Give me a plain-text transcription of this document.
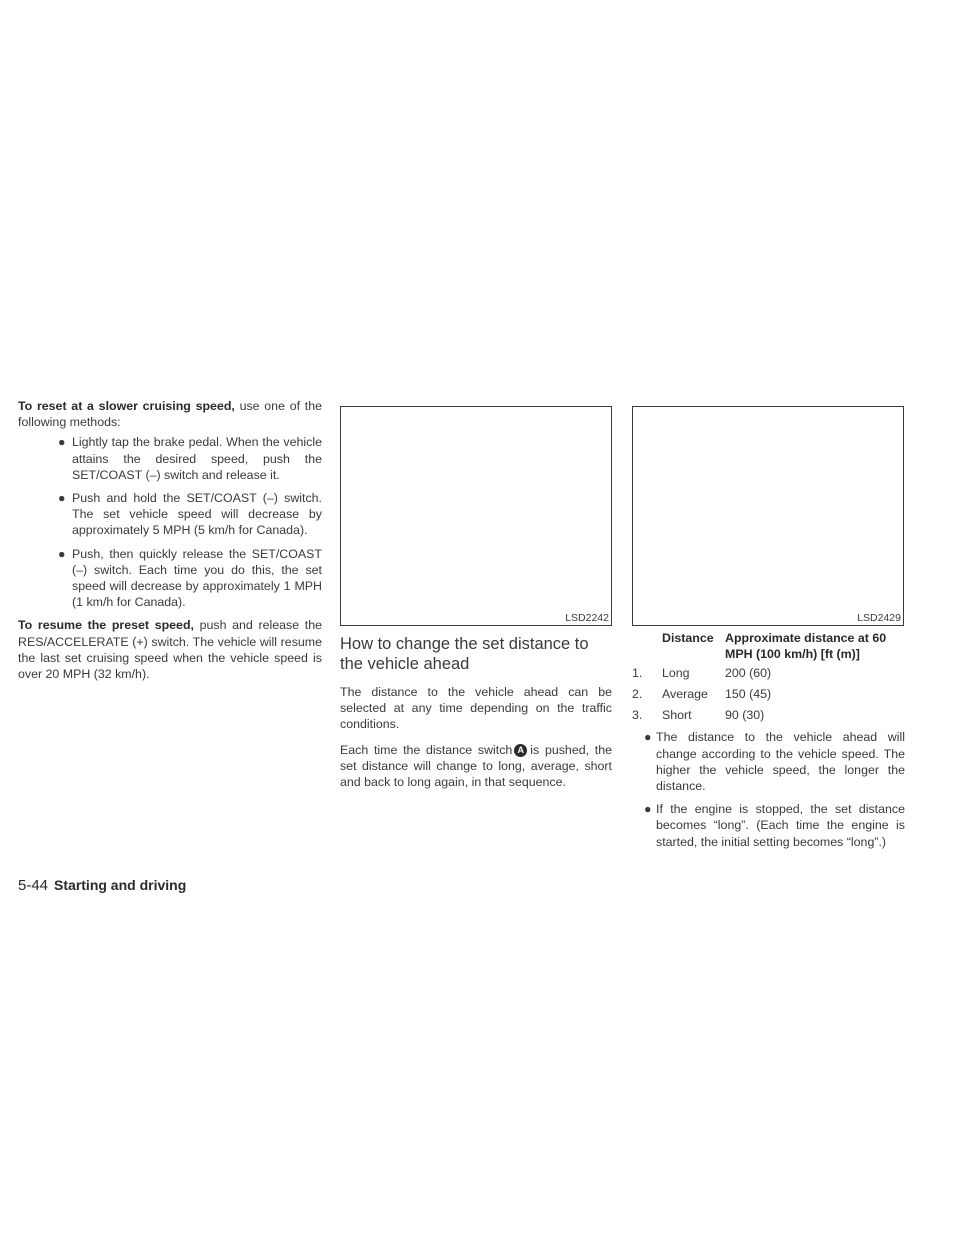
To reset at a slower cruising speed, use one of the following methods:

● Lightly tap the brake pedal. When the vehicle attains the desired speed, push the SET/COAST (–) switch and release it.
● Push and hold the SET/COAST (–) switch. The set vehicle speed will decrease by approximately 5 MPH (5 km/h for Canada).
● Push, then quickly release the SET/COAST (–) switch. Each time you do this, the set speed will decrease by approximately 1 MPH (1 km/h for Canada).

To resume the preset speed, push and release the RES/ACCELERATE (+) switch. The vehicle will resume the last set cruising speed when the vehicle speed is over 20 MPH (32 km/h).

LSD2242
How to change the set distance to the vehicle ahead

The distance to the vehicle ahead can be selected at any time depending on the traffic conditions.

Each time the distance switch A is pushed, the set distance will change to long, average, short and back to long again, in that sequence.

LSD2429
	Distance	Approximate distance at 60 MPH (100 km/h) [ft (m)]
1.	Long	200 (60)
2.	Average	150 (45)
3.	Short	90 (30)
● The distance to the vehicle ahead will change according to the vehicle speed. The higher the vehicle speed, the longer the distance.
● If the engine is stopped, the set distance becomes “long”. (Each time the engine is started, the initial setting becomes “long”.)
5-44 Starting and driving
